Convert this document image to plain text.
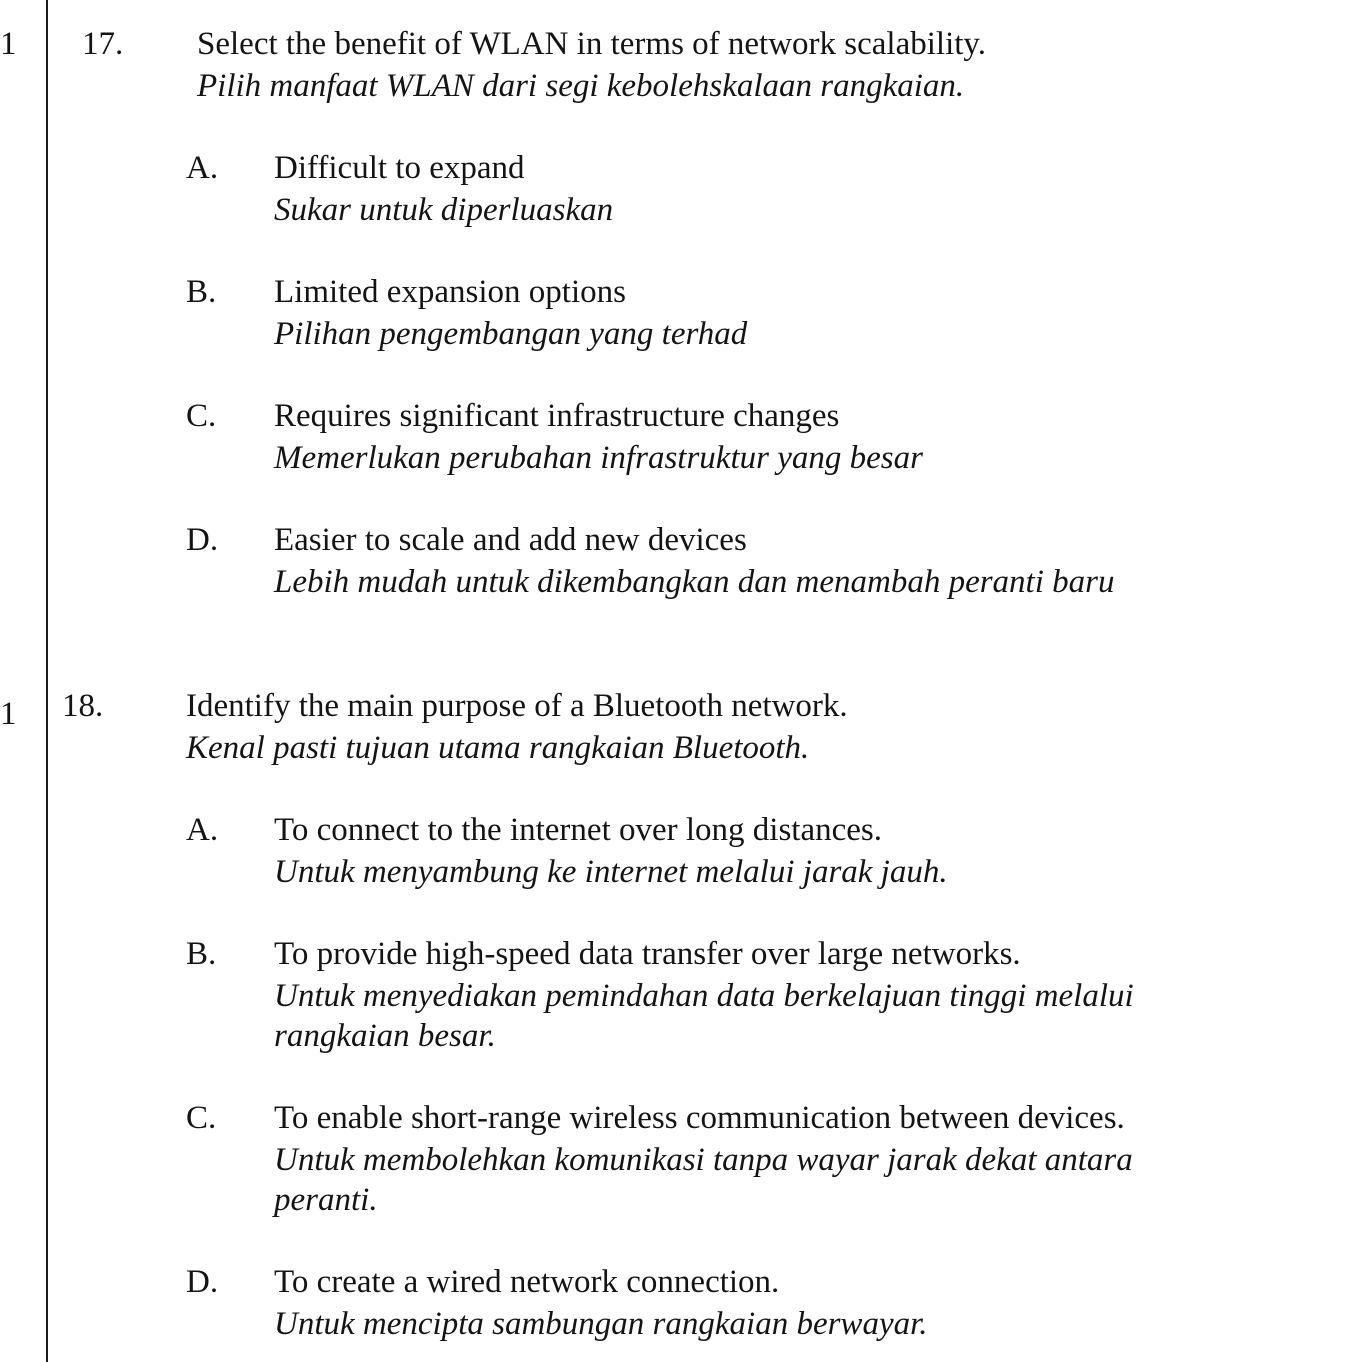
1 17. Select the benefit of WLAN in terms of network scalability.
Pilih manfaat WLAN dari segi kebolehskalaan rangkaian.
A. Difficult to expand
Sukar untuk diperluaskan
B. Limited expansion options
Pilihan pengembangan yang terhad
C. Requires significant infrastructure changes
Memerlukan perubahan infrastruktur yang besar
D. Easier to scale and add new devices
Lebih mudah untuk dikembangkan dan menambah peranti baru
1 18.	Identify the main purpose of a Bluetooth network.
Kenal pasti tujuan utama rangkaian Bluetooth.
A. To connect to the internet over long distances.
Untuk menyambung ke internet melalui jarak jauh.
B. To provide high-speed data transfer over large networks.
Untuk menyediakan pemindahan data berkelajuan tinggi melalui
rangkaian besar.
C. To enable short-range wireless communication between devices.
Untuk membolehkan komunikasi tanpa wayar jarak dekat antara
peranti.
D. To create a wired network connection.
Untuk mencipta sambungan rangkaian berwayar.
